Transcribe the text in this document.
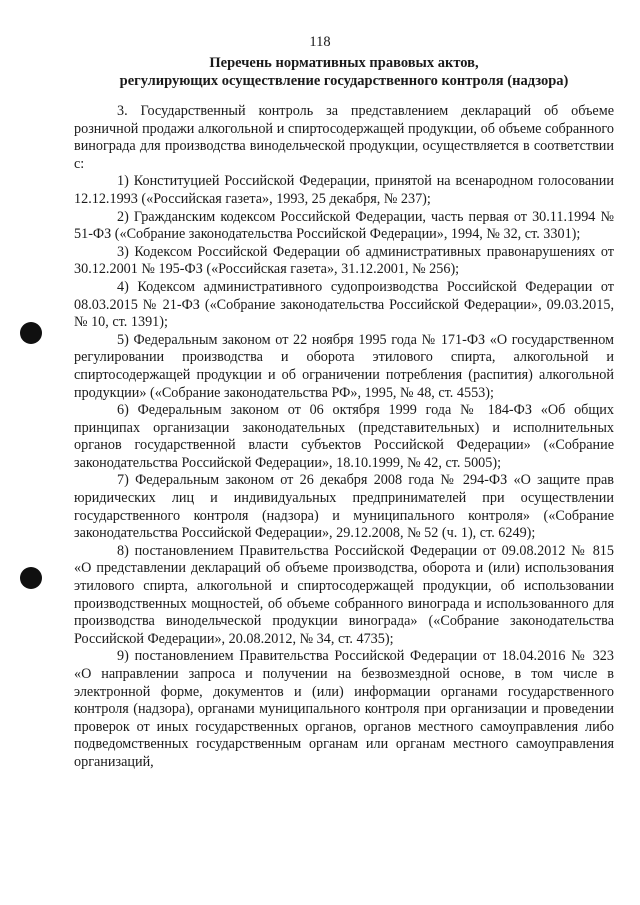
118
Перечень нормативных правовых актов,
регулирующих осуществление государственного контроля (надзора)

3. Государственный контроль за представлением деклараций об объеме розничной продажи алкогольной и спиртосодержащей продукции, об объеме собранного винограда для производства винодельческой продукции, осуществляется в соответствии с:

1) Конституцией Российской Федерации, принятой на всенародном голосовании 12.12.1993 («Российская газета», 1993, 25 декабря, № 237);

2) Гражданским кодексом Российской Федерации, часть первая от 30.11.1994 № 51-ФЗ («Собрание законодательства Российской Федерации», 1994, № 32, ст. 3301);

3) Кодексом Российской Федерации об административных правонарушениях от 30.12.2001 № 195-ФЗ («Российская газета», 31.12.2001, № 256);

4) Кодексом административного судопроизводства Российской Федерации от 08.03.2015 № 21-ФЗ («Собрание законодательства Российской Федерации», 09.03.2015, № 10, ст. 1391);

5) Федеральным законом от 22 ноября 1995 года № 171-ФЗ «О государственном регулировании производства и оборота этилового спирта, алкогольной и спиртосодержащей продукции и об ограничении потребления (распития) алкогольной продукции» («Собрание законодательства РФ», 1995, № 48, ст. 4553);

6) Федеральным законом от 06 октября 1999 года № 184-ФЗ «Об общих принципах организации законодательных (представительных) и исполнительных органов государственной власти субъектов Российской Федерации» («Собрание законодательства Российской Федерации», 18.10.1999, № 42, ст. 5005);

7) Федеральным законом от 26 декабря 2008 года № 294-ФЗ «О защите прав юридических лиц и индивидуальных предпринимателей при осуществлении государственного контроля (надзора) и муниципального контроля» («Собрание законодательства Российской Федерации», 29.12.2008, № 52 (ч. 1), ст. 6249);

8) постановлением Правительства Российской Федерации от 09.08.2012 № 815 «О представлении деклараций об объеме производства, оборота и (или) использования этилового спирта, алкогольной и спиртосодержащей продукции, об использовании производственных мощностей, об объеме собранного винограда и использованного для производства винодельческой продукции винограда» («Собрание законодательства Российской Федерации», 20.08.2012, № 34, ст. 4735);

9) постановлением Правительства Российской Федерации от 18.04.2016 № 323 «О направлении запроса и получении на безвозмездной основе, в том числе в электронной форме, документов и (или) информации органами государственного контроля (надзора), органами муниципального контроля при организации и проведении проверок от иных государственных органов, органов местного самоуправления либо подведомственных государственным органам или органам местного самоуправления организаций,
